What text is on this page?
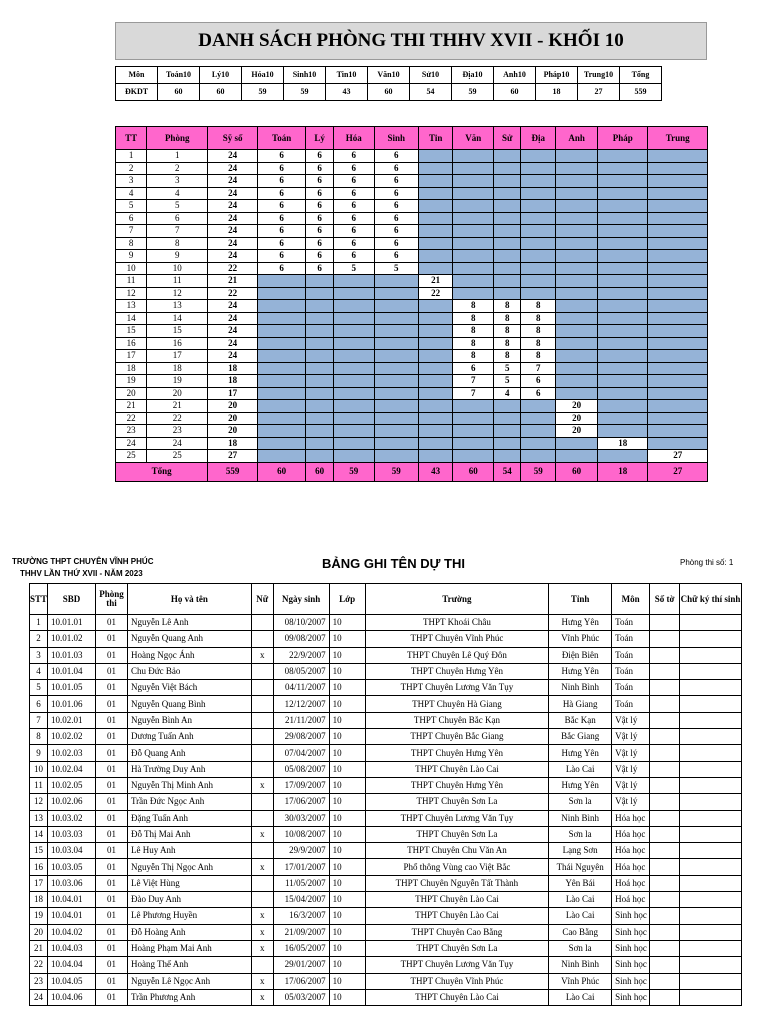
DANH SÁCH PHÒNG THI THHV XVII - KHỐI 10
Môn	Toán10	Lý10	Hóa10	Sinh10	Tin10	Văn10	Sử10	Địa10	Anh10	Pháp10	Trung10	Tổng
ĐKDT	60	60	59	59	43	60	54	59	60	18	27	559
TT	Phòng	Sỹ số	Toán	Lý	Hóa	Sinh	Tin	Văn	Sử	Địa	Anh	Pháp	Trung
1	1	24	6	6	6	6							
2	2	24	6	6	6	6							
3	3	24	6	6	6	6							
4	4	24	6	6	6	6							
5	5	24	6	6	6	6							
6	6	24	6	6	6	6							
7	7	24	6	6	6	6							
8	8	24	6	6	6	6							
9	9	24	6	6	6	6							
10	10	22	6	6	5	5							
11	11	21					21						
12	12	22					22						
13	13	24						8	8	8			
14	14	24						8	8	8			
15	15	24						8	8	8			
16	16	24						8	8	8			
17	17	24						8	8	8			
18	18	18						6	5	7			
19	19	18						7	5	6			
20	20	17						7	4	6			
21	21	20									20		
22	22	20									20		
23	23	20									20		
24	24	18										18	
25	25	27											27
Tổng		559	60	60	59	59	43	60	54	59	60	18	27
TRƯỜNG THPT CHUYÊN VĨNH PHÚC
THHV LẦN THỨ XVII - NĂM 2023
BẢNG GHI TÊN DỰ THI	Phòng thi số: 1
STT	SBD	Phòng thi	Họ và tên	Nữ	Ngày sinh	Lớp	Trường	Tỉnh	Môn	Số tờ	Chữ ký thí sinh
1	10.01.01	01	Nguyễn Lê Anh		08/10/2007	10	THPT Khoái Châu	Hưng Yên	Toán		
2	10.01.02	01	Nguyễn Quang Anh		09/08/2007	10	THPT Chuyên Vĩnh Phúc	Vĩnh Phúc	Toán		
3	10.01.03	01	Hoàng Ngọc Ánh	x	22/9/2007	10	THPT Chuyên Lê Quý Đôn	Điện Biên	Toán		
4	10.01.04	01	Chu Đức Bảo		08/05/2007	10	THPT Chuyên Hưng Yên	Hưng Yên	Toán		
5	10.01.05	01	Nguyễn Việt Bách		04/11/2007	10	THPT Chuyên Lương Văn Tụy	Ninh Bình	Toán		
6	10.01.06	01	Nguyễn Quang Bình		12/12/2007	10	THPT Chuyên Hà Giang	Hà Giang	Toán		
7	10.02.01	01	Nguyễn Bình An		21/11/2007	10	THPT Chuyên Bắc Kạn	Bắc Kạn	Vật lý		
8	10.02.02	01	Dương Tuấn Anh		29/08/2007	10	THPT Chuyên Bắc Giang	Bắc Giang	Vật lý		
9	10.02.03	01	Đỗ Quang Anh		07/04/2007	10	THPT Chuyên Hưng Yên	Hưng Yên	Vật lý		
10	10.02.04	01	Hà Trường Duy Anh		05/08/2007	10	THPT Chuyên Lào Cai	Lào Cai	Vật lý		
11	10.02.05	01	Nguyễn Thị Minh Anh	x	17/09/2007	10	THPT Chuyên Hưng Yên	Hưng Yên	Vật lý		
12	10.02.06	01	Trần Đức Ngọc Anh		17/06/2007	10	THPT Chuyên Sơn La	Sơn la	Vật lý		
13	10.03.02	01	Đặng Tuấn Anh		30/03/2007	10	THPT Chuyên Lương Văn Tụy	Ninh Bình	Hóa học		
14	10.03.03	01	Đỗ Thị Mai Anh	x	10/08/2007	10	THPT Chuyên Sơn La	Sơn la	Hóa học		
15	10.03.04	01	Lê Huy Anh		29/9/2007	10	THPT Chuyên Chu Văn An	Lạng Sơn	Hóa học		
16	10.03.05	01	Nguyễn Thị Ngọc Anh	x	17/01/2007	10	Phổ thông Vùng cao Việt Bắc	Thái Nguyên	Hóa học		
17	10.03.06	01	Lê Việt Hùng		11/05/2007	10	THPT Chuyên Nguyễn Tất Thành	Yên Bái	Hoá học		
18	10.04.01	01	Đào Duy Anh		15/04/2007	10	THPT Chuyên Lào Cai	Lào Cai	Hoá học		
19	10.04.01	01	Lê Phương Huyền	x	16/3/2007	10	THPT Chuyên Lào Cai	Lào Cai	Sinh học		
20	10.04.02	01	Đỗ Hoàng Anh	x	21/09/2007	10	THPT Chuyên Cao Bằng	Cao Bằng	Sinh học		
21	10.04.03	01	Hoàng Phạm Mai Anh	x	16/05/2007	10	THPT Chuyên Sơn La	Sơn la	Sinh học		
22	10.04.04	01	Hoàng Thế Anh		29/01/2007	10	THPT Chuyên Lương Văn Tụy	Ninh Bình	Sinh học		
23	10.04.05	01	Nguyễn Lê Ngọc Anh	x	17/06/2007	10	THPT Chuyên Vĩnh Phúc	Vĩnh Phúc	Sinh học		
24	10.04.06	01	Trần Phương Anh	x	05/03/2007	10	THPT Chuyên Lào Cai	Lào Cai	Sinh học		
